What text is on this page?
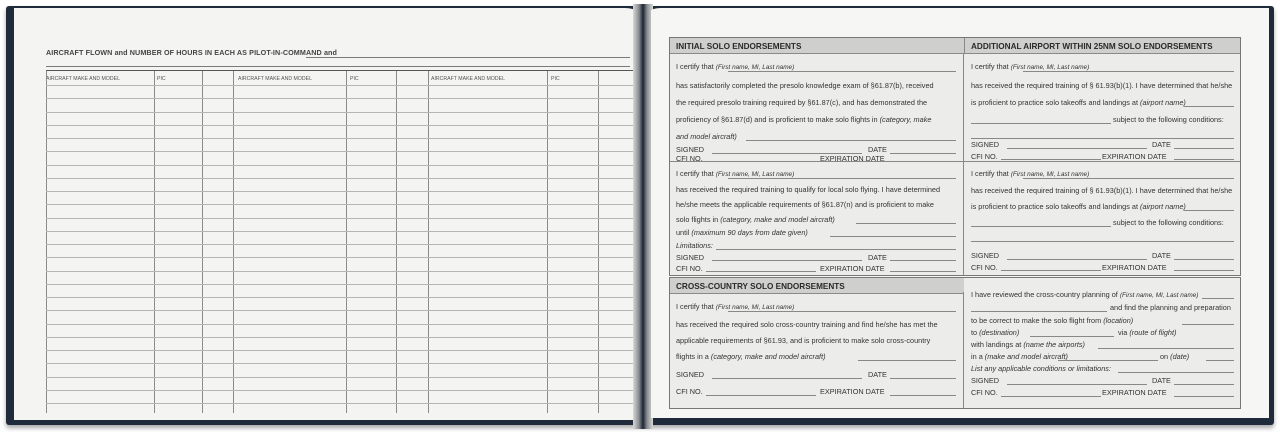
AIRCRAFT FLOWN and NUMBER OF HOURS IN EACH AS PILOT-IN-COMMAND and
AIRCRAFT MAKE AND MODEL	PIC	AIRCRAFT MAKE AND MODEL	PIC	AIRCRAFT MAKE AND MODEL	PIC
INITIAL SOLO ENDORSEMENTS	ADDITIONAL AIRPORT WITHIN 25NM SOLO ENDORSEMENTS
I certify that (First name, MI, Last name)
has satisfactorily completed the presolo knowledge exam of §61.87(b), received
the required presolo training required by §61.87(c), and has demonstrated the
proficiency of §61.87(d) and is proficient to make solo flights in (category, make
and model aircraft)
SIGNED	DATE
CFI NO.	EXPIRATION DATE
I certify that (First name, MI, Last name)
has received the required training to qualify for local solo flying. I have determined
he/she meets the applicable requirements of §61.87(n) and is proficient to make
solo flights in (category, make and model aircraft)
until (maximum 90 days from date given)
Limitations:
SIGNED	DATE
CFI NO.	EXPIRATION DATE
I certify that (First name, MI, Last name)
has received the required training of § 61.93(b)(1). I have determined that he/she
is proficient to practice solo takeoffs and landings at (airport name)
subject to the following conditions:
SIGNED	DATE
CFI NO.	EXPIRATION DATE
I certify that (First name, MI, Last name)
has received the required training of § 61.93(b)(1). I have determined that he/she
is proficient to practice solo takeoffs and landings at (airport name)
subject to the following conditions:
SIGNED	DATE
CFI NO.	EXPIRATION DATE
CROSS-COUNTRY SOLO ENDORSEMENTS
I certify that (First name, MI, Last name)
has received the required solo cross-country training and find he/she has met the
applicable requirements of §61.93, and is proficient to make solo cross-country
flights in a (category, make and model aircraft)
SIGNED	DATE
CFI NO.	EXPIRATION DATE
I have reviewed the cross-country planning of (First name, MI, Last name)
and find the planning and preparation
to be correct to make the solo flight from (location)
to (destination)	via (route of flight)
with landings at (name the airports)
in a (make and model aircraft)	on (date)
List any applicable conditions or limitations:
SIGNED	DATE
CFI NO.	EXPIRATION DATE
